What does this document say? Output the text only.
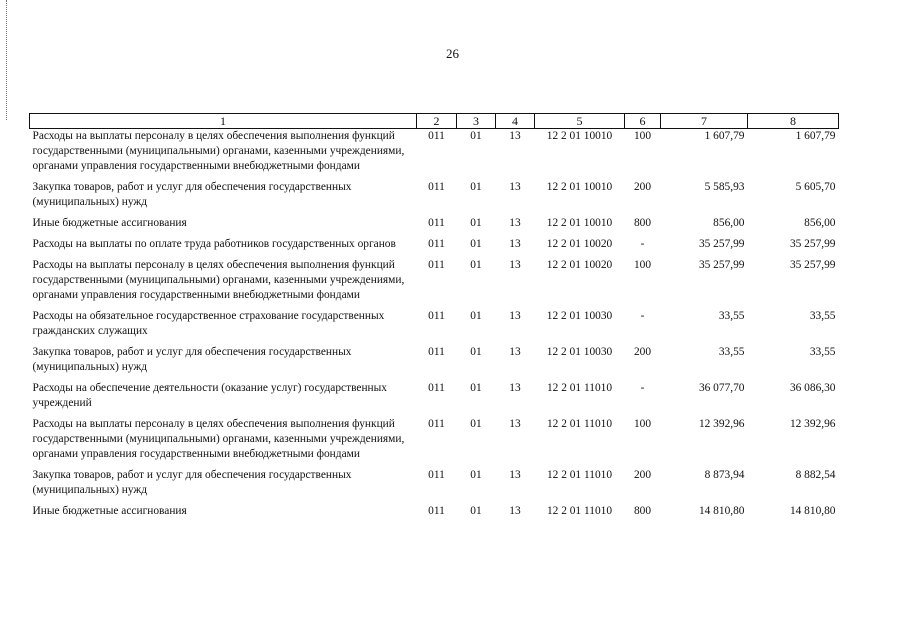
26
1	2	3	4	5	6	7	8
Расходы на выплаты персоналу в целях обеспечения выполнения функций государственными (муниципальными) органами, казенными учреждениями, органами управления государственными внебюджетными фондами	011	01	13	12 2 01 10010	100	1 607,79	1 607,79
Закупка товаров, работ и услуг для обеспечения государственных (муниципальных) нужд	011	01	13	12 2 01 10010	200	5 585,93	5 605,70
Иные бюджетные ассигнования	011	01	13	12 2 01 10010	800	856,00	856,00
Расходы на выплаты по оплате труда работников государственных органов	011	01	13	12 2 01 10020	-	35 257,99	35 257,99
Расходы на выплаты персоналу в целях обеспечения выполнения функций государственными (муниципальными) органами, казенными учреждениями, органами управления государственными внебюджетными фондами	011	01	13	12 2 01 10020	100	35 257,99	35 257,99
Расходы на обязательное государственное страхование государственных гражданских служащих	011	01	13	12 2 01 10030	-	33,55	33,55
Закупка товаров, работ и услуг для обеспечения государственных (муниципальных) нужд	011	01	13	12 2 01 10030	200	33,55	33,55
Расходы на обеспечение деятельности (оказание услуг) государственных учреждений	011	01	13	12 2 01 11010	-	36 077,70	36 086,30
Расходы на выплаты персоналу в целях обеспечения выполнения функций государственными (муниципальными) органами, казенными учреждениями, органами управления государственными внебюджетными фондами	011	01	13	12 2 01 11010	100	12 392,96	12 392,96
Закупка товаров, работ и услуг для обеспечения государственных (муниципальных) нужд	011	01	13	12 2 01 11010	200	8 873,94	8 882,54
Иные бюджетные ассигнования	011	01	13	12 2 01 11010	800	14 810,80	14 810,80
